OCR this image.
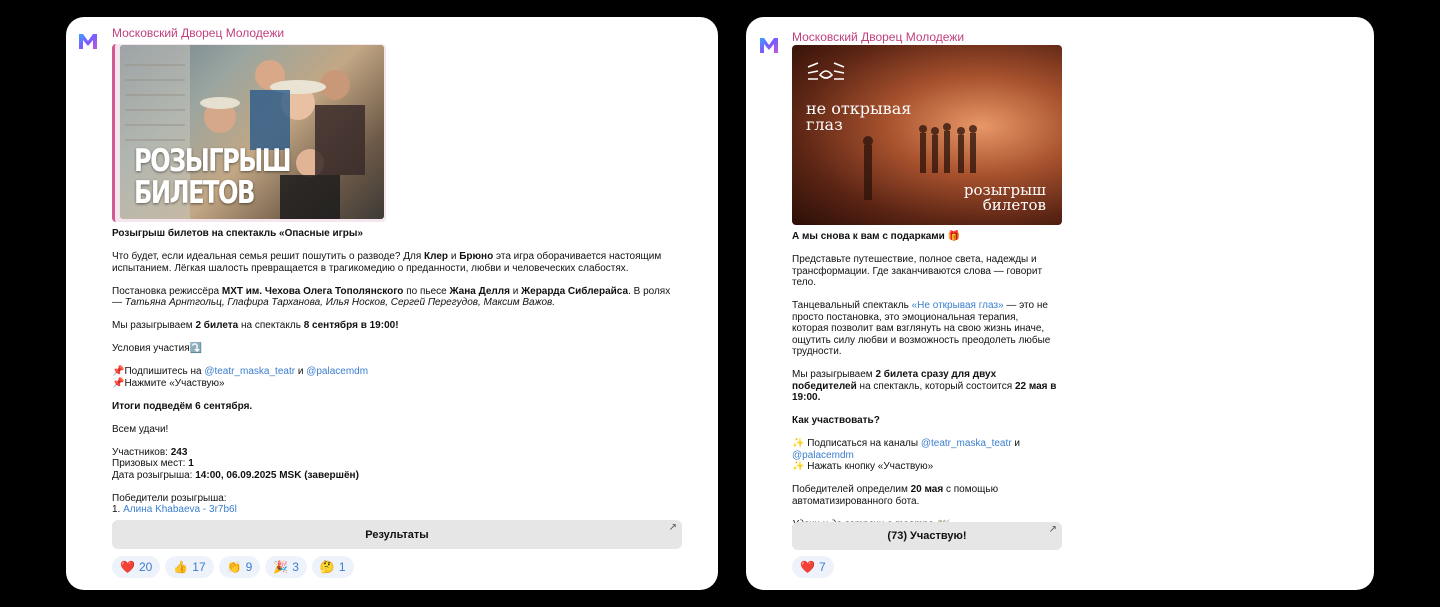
Московский Дворец Молодежи
РОЗЫГРЫШ
БИЛЕТОВ

Розыгрыш билетов на спектакль «Опасные игры»

Что будет, если идеальная семья решит пошутить о разводе? Для Клер и Брюно эта игра оборачивается настоящим испытанием. Лёгкая шалость превращается в трагикомедию о преданности, любви и человеческих слабостях.

Постановка режиссёра МХТ им. Чехова Олега Тополянского по пьесе Жана Делля и Жерарда Сиблерайса. В ролях — Татьяна Арнтгольц, Глафира Тарханова, Илья Носков, Сергей Перегудов, Максим Важов.

Мы разыгрываем 2 билета на спектакль 8 сентября в 19:00!

Условия участия⤵️

📌Подпишитесь на @teatr_maska_teatr и @palacemdm
📌Нажмите «Участвую»

Итоги подведём 6 сентября.

Всем удачи!

Участников: 243
Призовых мест: 1
Дата розыгрыша: 14:00, 06.09.2025 MSK (завершён)

Победители розыгрыша:
1. Алина Khabaeva - 3r7b6l

Результаты
↗
❤️ 20 👍 17 👏 9 🎉 3 🤔 1
Московский Дворец Молодежи
не открывая
глаз
розыгрыш
билетов

А мы снова к вам с подарками 🎁

Представьте путешествие, полное света, надежды и трансформации. Где заканчиваются слова — говорит тело.

Танцевальный спектакль «Не открывая глаз» — это не просто постановка, это эмоциональная терапия, которая позволит вам взглянуть на свою жизнь иначе, ощутить силу любви и возможность преодолеть любые трудности.

Мы разыгрываем 2 билета сразу для двух победителей на спектакль, который состоится 22 мая в 19:00.

Как участвовать?

✨ Подписаться на каналы @teatr_maska_teatr и @palacemdm
✨ Нажать кнопку «Участвую»

Победителей определим 20 мая с помощью автоматизированного бота.

(73) Участвую!
↗
❤️ 7
